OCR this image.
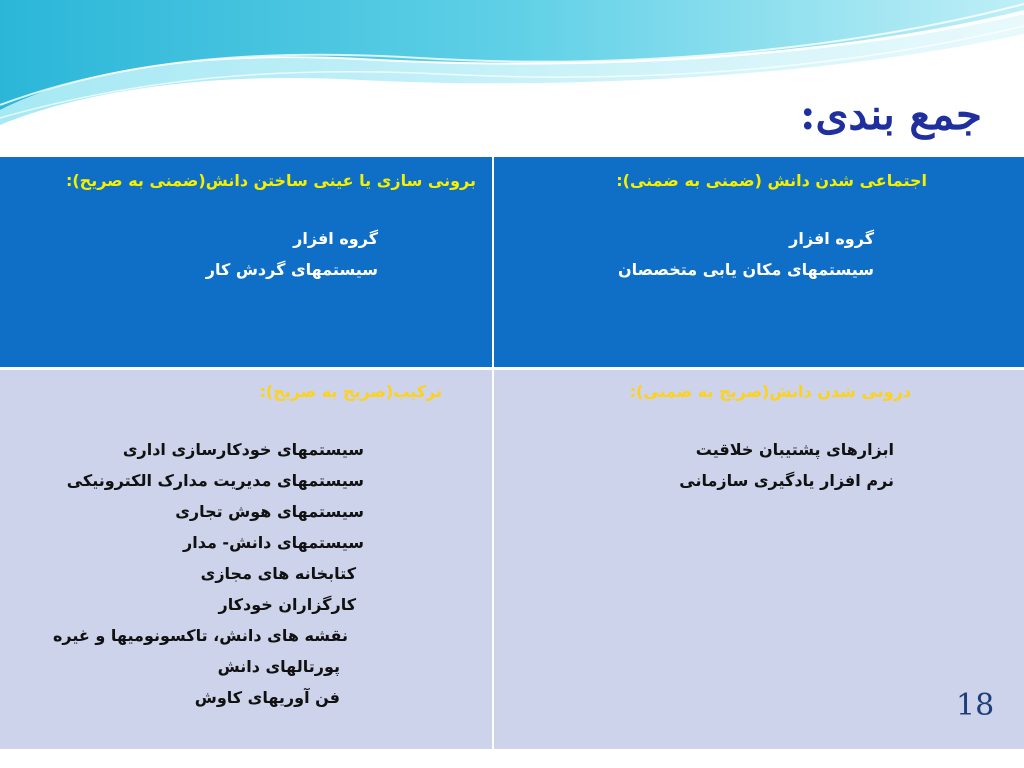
جمع بندی:
برونی سازی یا عینی ساختن دانش(ضمنی به صریح):
گروه افزار
سیستمهای گردش کار
اجتماعی شدن دانش (ضمنی به ضمنی):
گروه افزار
سیستمهای مکان یابی متخصصان
ترکیب(صریح به صریح):
سیستمهای خودکارسازی اداری
سیستمهای مدیریت مدارک الکترونیکی
سیستمهای هوش تجاری
سیستمهای دانش- مدار
کتابخانه های مجازی
کارگزاران خودکار
نقشه های دانش، تاکسونومیها و غیره
پورتالهای دانش
فن آوریهای کاوش
درونی شدن دانش(صریح به ضمنی):
ابزارهای پشتیبان خلاقیت
نرم افزار یادگیری سازمانی
18
